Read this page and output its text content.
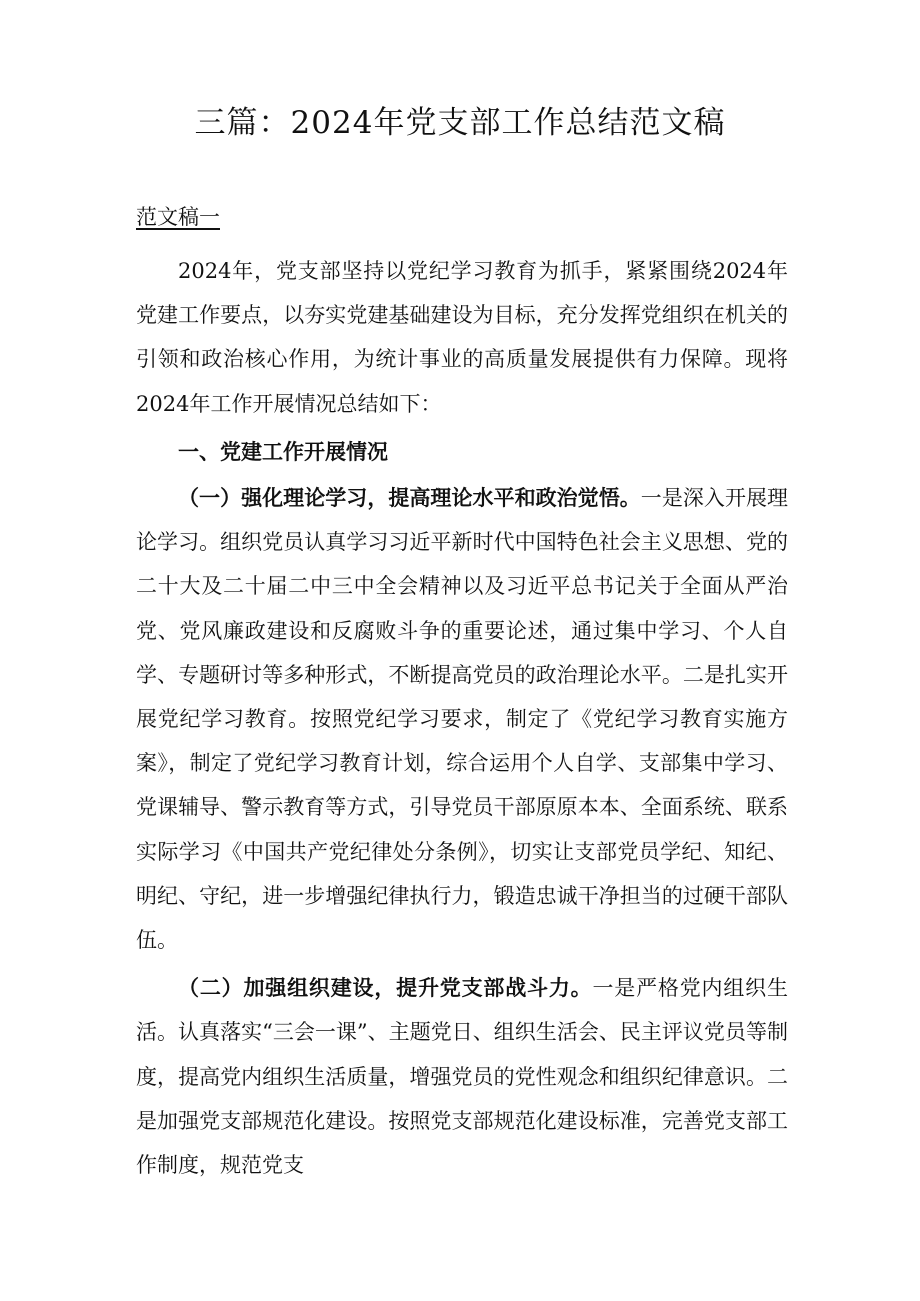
三篇：2024年党支部工作总结范文稿
范文稿一

2024年，党支部坚持以党纪学习教育为抓手，紧紧围绕2024年党建工作要点，以夯实党建基础建设为目标，充分发挥党组织在机关的引领和政治核心作用，为统计事业的高质量发展提供有力保障。现将2024年工作开展情况总结如下：

一、党建工作开展情况

（一）强化理论学习，提高理论水平和政治觉悟。一是深入开展理论学习。组织党员认真学习习近平新时代中国特色社会主义思想、党的二十大及二十届二中三中全会精神以及习近平总书记关于全面从严治党、党风廉政建设和反腐败斗争的重要论述，通过集中学习、个人自学、专题研讨等多种形式，不断提高党员的政治理论水平。二是扎实开展党纪学习教育。按照党纪学习要求，制定了《党纪学习教育实施方案》，制定了党纪学习教育计划，综合运用个人自学、支部集中学习、党课辅导、警示教育等方式，引导党员干部原原本本、全面系统、联系实际学习《中国共产党纪律处分条例》，切实让支部党员学纪、知纪、明纪、守纪，进一步增强纪律执行力，锻造忠诚干净担当的过硬干部队伍。

（二）加强组织建设，提升党支部战斗力。一是严格党内组织生活。认真落实“三会一课”、主题党日、组织生活会、民主评议党员等制度，提高党内组织生活质量，增强党员的党性观念和组织纪律意识。二是加强党支部规范化建设。按照党支部规范化建设标准，完善党支部工作制度，规范党支
